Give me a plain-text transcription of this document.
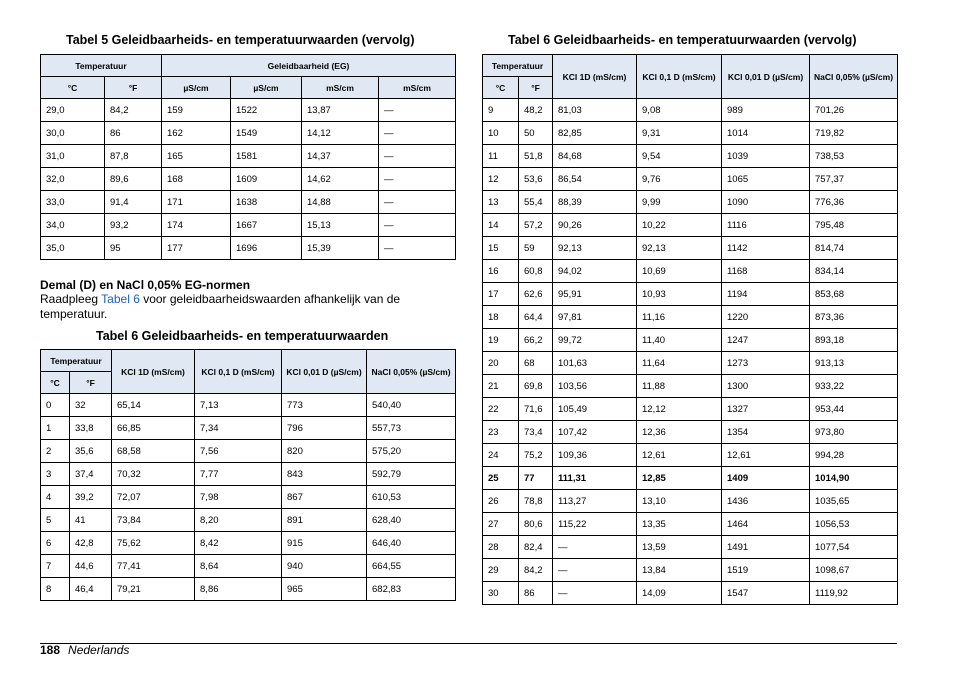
Tabel 5 Geleidbaarheids- en temperatuurwaarden (vervolg)
Temperatuur		Geleidbaarheid (EG)			
°C	°F	µS/cm	µS/cm	mS/cm	mS/cm
29,0	84,2	159	1522	13,87	—
30,0	86	162	1549	14,12	—
31,0	87,8	165	1581	14,37	—
32,0	89,6	168	1609	14,62	—
33,0	91,4	171	1638	14,88	—
34,0	93,2	174	1667	15,13	—
35,0	95	177	1696	15,39	—
Demal (D) en NaCl 0,05% EG-normen
Raadpleeg Tabel 6 voor geleidbaarheidswaarden afhankelijk van de temperatuur.
Tabel 6 Geleidbaarheids- en temperatuurwaarden
Temperatuur		KCl 1D (mS/cm)	KCl 0,1 D (mS/cm)	KCl 0,01 D (µS/cm)	NaCl 0,05% (µS/cm)
°C	°F				
0	32	65,14	7,13	773	540,40
1	33,8	66,85	7,34	796	557,73
2	35,6	68,58	7,56	820	575,20
3	37,4	70,32	7,77	843	592,79
4	39,2	72,07	7,98	867	610,53
5	41	73,84	8,20	891	628,40
6	42,8	75,62	8,42	915	646,40
7	44,6	77,41	8,64	940	664,55
8	46,4	79,21	8,86	965	682,83
Tabel 6 Geleidbaarheids- en temperatuurwaarden (vervolg)
Temperatuur		KCl 1D (mS/cm)	KCl 0,1 D (mS/cm)	KCl 0,01 D (µS/cm)	NaCl 0,05% (µS/cm)
°C	°F				
9	48,2	81,03	9,08	989	701,26
10	50	82,85	9,31	1014	719,82
11	51,8	84,68	9,54	1039	738,53
12	53,6	86,54	9,76	1065	757,37
13	55,4	88,39	9,99	1090	776,36
14	57,2	90,26	10,22	1116	795,48
15	59	92,13	92,13	1142	814,74
16	60,8	94,02	10,69	1168	834,14
17	62,6	95,91	10,93	1194	853,68
18	64,4	97,81	11,16	1220	873,36
19	66,2	99,72	11,40	1247	893,18
20	68	101,63	11,64	1273	913,13
21	69,8	103,56	11,88	1300	933,22
22	71,6	105,49	12,12	1327	953,44
23	73,4	107,42	12,36	1354	973,80
24	75,2	109,36	12,61	12,61	994,28
25	77	111,31	12,85	1409	1014,90
26	78,8	113,27	13,10	1436	1035,65
27	80,6	115,22	13,35	1464	1056,53
28	82,4	—	13,59	1491	1077,54
29	84,2	—	13,84	1519	1098,67
30	86	—	14,09	1547	1119,92
188 Nederlands
